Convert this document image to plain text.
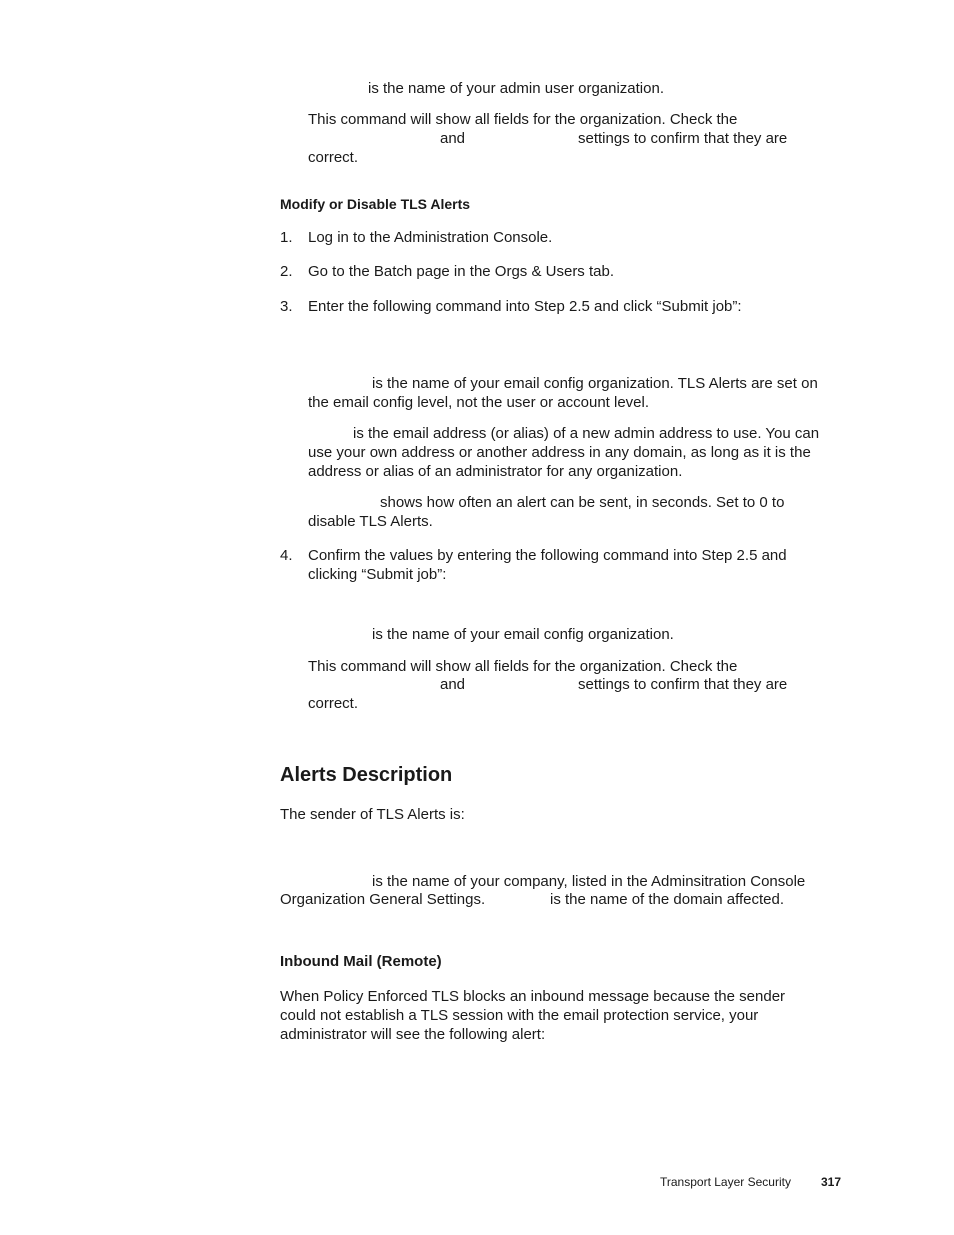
is the name of your admin user organization.

This command will show all fields for the organization. Check the

and	settings to confirm that they are

correct.

Modify or Disable TLS Alerts

1. Log in to the Administration Console.

2. Go to the Batch page in the Orgs & Users tab.

3. Enter the following command into Step 2.5 and click “Submit job”:

is the name of your email config organization. TLS Alerts are set on

the email config level, not the user or account level.

is the email address (or alias) of a new admin address to use. You can

use your own address or another address in any domain, as long as it is the

address or alias of an administrator for any organization.

shows how often an alert can be sent, in seconds. Set to 0 to

disable TLS Alerts.

4. Confirm the values by entering the following command into Step 2.5 and

clicking “Submit job”:

is the name of your email config organization.

This command will show all fields for the organization. Check the

and	settings to confirm that they are

correct.

Alerts Description

The sender of TLS Alerts is:

is the name of your company, listed in the Adminsitration Console

Organization General Settings.	is the name of the domain affected.

Inbound Mail (Remote)

When Policy Enforced TLS blocks an inbound message because the sender

could not establish a TLS session with the email protection service, your

administrator will see the following alert:

Transport Layer Security	317
